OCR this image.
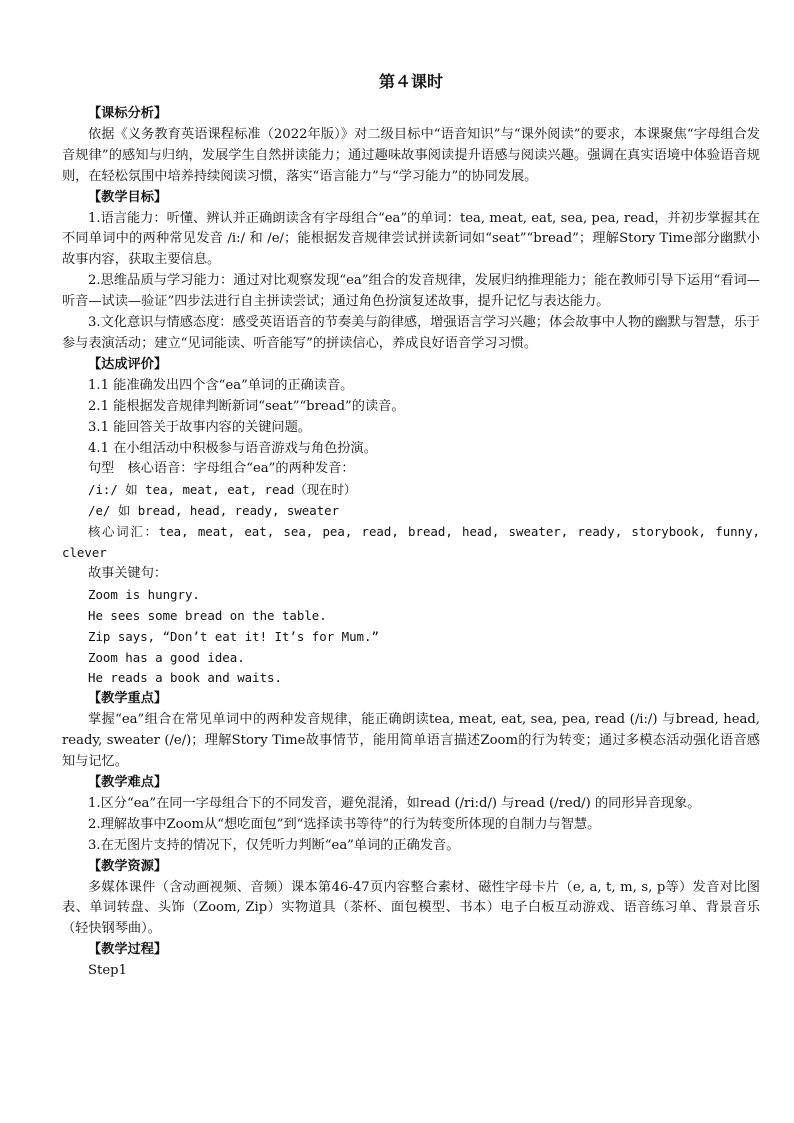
第４课时
【课标分析】

依据《义务教育英语课程标准（2022年版）》对二级目标中“语音知识”与“课外阅读”的要求，本课聚焦“字母组合发音规律”的感知与归纳，发展学生自然拼读能力；通过趣味故事阅读提升语感与阅读兴趣。强调在真实语境中体验语音规则，在轻松氛围中培养持续阅读习惯，落实“语言能力”与“学习能力”的协同发展。

【教学目标】

1.语言能力：听懂、辨认并正确朗读含有字母组合“ea”的单词：tea, meat, eat, sea, pea, read，并初步掌握其在不同单词中的两种常见发音 /i:/ 和 /e/；能根据发音规律尝试拼读新词如“seat”“bread”；理解Story Time部分幽默小故事内容，获取主要信息。

2.思维品质与学习能力：通过对比观察发现“ea”组合的发音规律，发展归纳推理能力；能在教师引导下运用“看词—听音—试读—验证”四步法进行自主拼读尝试；通过角色扮演复述故事，提升记忆与表达能力。

3.文化意识与情感态度：感受英语语音的节奏美与韵律感，增强语言学习兴趣；体会故事中人物的幽默与智慧，乐于参与表演活动；建立“见词能读、听音能写”的拼读信心，养成良好语音学习习惯。

【达成评价】
1.1 能准确发出四个含“ea”单词的正确读音。
2.1 能根据发音规律判断新词“seat”“bread”的读音。
3.1 能回答关于故事内容的关键问题。
4.1 在小组活动中积极参与语音游戏与角色扮演。
句型　核心语音：字母组合“ea”的两种发音：
/i:/ 如 tea, meat, eat, read（现在时）
/e/ 如 bread, head, ready, sweater

核心词汇：tea, meat, eat, sea, pea, read, bread, head, sweater, ready, storybook, funny, clever

故事关键句：
Zoom is hungry.
He sees some bread on the table.
Zip says, “Don’t eat it! It’s for Mum.”
Zoom has a good idea.
He reads a book and waits.
【教学重点】

掌握“ea”组合在常见单词中的两种发音规律，能正确朗读tea, meat, eat, sea, pea, read (/i:/) 与bread, head, ready, sweater (/e/)；理解Story Time故事情节，能用简单语言描述Zoom的行为转变；通过多模态活动强化语音感知与记忆。

【教学难点】

1.区分“ea”在同一字母组合下的不同发音，避免混淆，如read (/ri:d/) 与read (/red/) 的同形异音现象。

2.理解故事中Zoom从“想吃面包”到“选择读书等待”的行为转变所体现的自制力与智慧。

3.在无图片支持的情况下，仅凭听力判断“ea”单词的正确发音。

【教学资源】

多媒体课件（含动画视频、音频）课本第46-47页内容整合素材、磁性字母卡片（e, a, t, m, s, p等）发音对比图表、单词转盘、头饰（Zoom, Zip）实物道具（茶杯、面包模型、书本）电子白板互动游戏、语音练习单、背景音乐（轻快钢琴曲）。

【教学过程】
Step1
